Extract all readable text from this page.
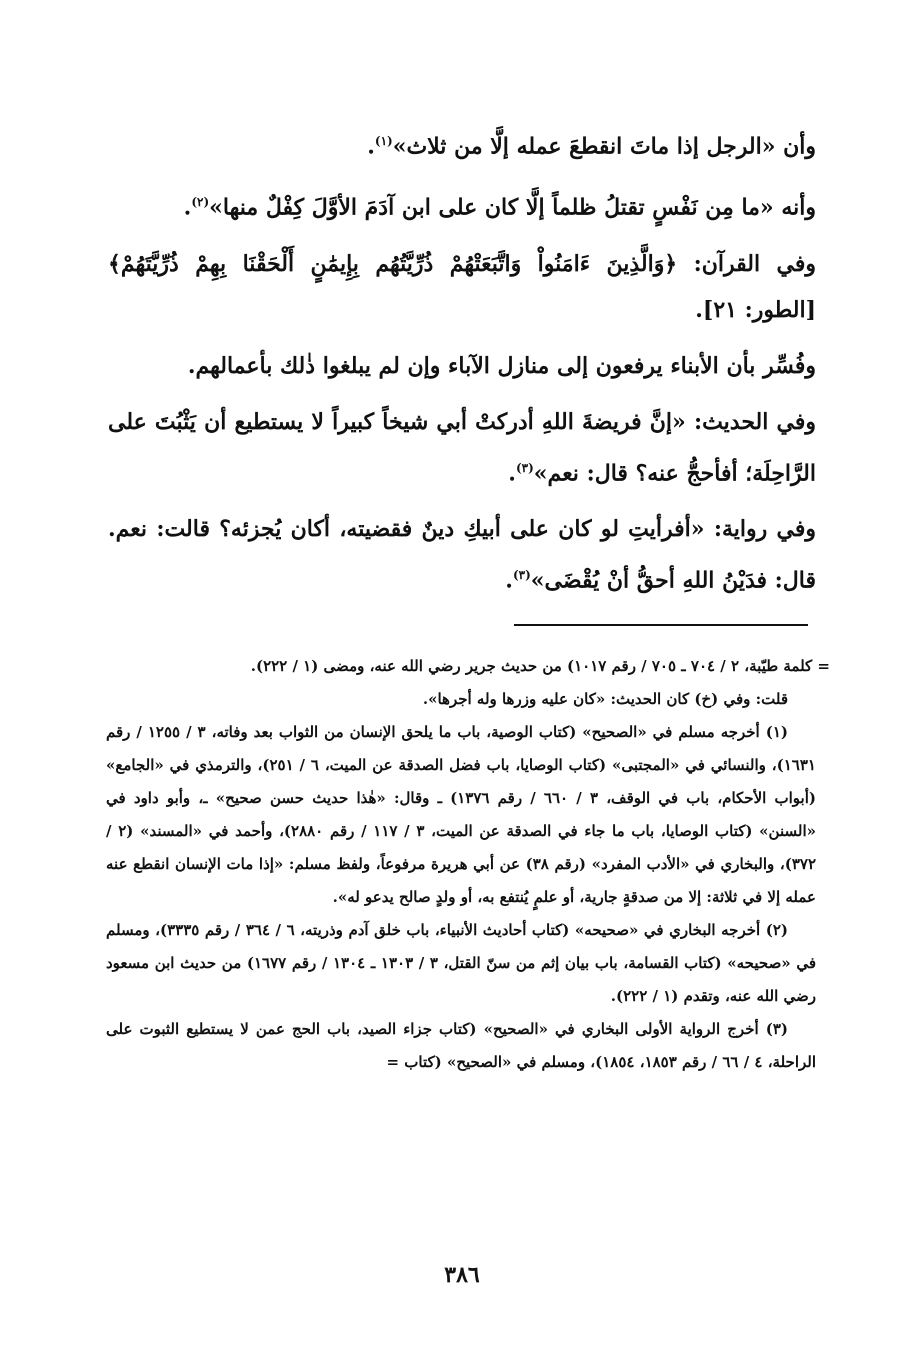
وأن «الرجل إذا ماتَ انقطعَ عمله إلَّا من ثلاث»$^{(١)}$.

وأنه «ما مِن نَفْسٍ تقتلُ ظلماً إلَّا كان على ابن آدَمَ الأوَّلَ كِفْلٌ منها»$^{(٢)}$.

وفي القرآن: ﴿وَالَّذِينَ ءَامَنُواْ وَاتَّبَعَتْهُمْ ذُرِّيَّتُهُم بِإِيمَٰنٍ أَلْحَقْنَا بِهِمْ ذُرِّيَّتَهُمْ﴾ [الطور: ٢١].

وفُسِّر بأن الأبناء يرفعون إلى منازل الآباء وإن لم يبلغوا ذٰلك بأعمالهم.

وفي الحديث: «إنَّ فريضةَ اللهِ أدركتْ أبي شيخاً كبيراً لا يستطيع أن يَثْبُتَ على الرَّاحِلَة؛ أفأحجُّ عنه؟ قال: نعم»$^{(٣)}$.

وفي رواية: «أفرأيتِ لو كان على أبيكِ دينٌ فقضيته، أكان يُجزئه؟ قالت: نعم. قال: فدَيْنُ اللهِ أحقُّ أنْ يُقْضَى»$^{(٣)}$.

= كلمة طيّبة، ٢ / ٧٠٤ ـ ٧٠٥ / رقم ١٠١٧) من حديث جرير رضي الله عنه، ومضى (١ / ٢٢٢).

قلت: وفي (خ) كان الحديث: «كان عليه وزرها وله أجرها».

(١) أخرجه مسلم في «الصحيح» (كتاب الوصية، باب ما يلحق الإنسان من الثواب بعد وفاته، ٣ / ١٢٥٥ / رقم ١٦٣١)، والنسائي في «المجتبى» (كتاب الوصايا، باب فضل الصدقة عن الميت، ٦ / ٢٥١)، والترمذي في «الجامع» (أبواب الأحكام، باب في الوقف، ٣ / ٦٦٠ / رقم ١٣٧٦) ـ وقال: «هٰذا حديث حسن صحيح» ـ، وأبو داود في «السنن» (كتاب الوصايا، باب ما جاء في الصدقة عن الميت، ٣ / ١١٧ / رقم ٢٨٨٠)، وأحمد في «المسند» (٢ / ٣٧٢)، والبخاري في «الأدب المفرد» (رقم ٣٨) عن أبي هريرة مرفوعاً، ولفظ مسلم: «إذا مات الإنسان انقطع عنه عمله إلا في ثلاثة: إلا من صدقةٍ جارية، أو علمٍ يُنتفع به، أو ولدٍ صالح يدعو له».

(٢) أخرجه البخاري في «صحيحه» (كتاب أحاديث الأنبياء، باب خلق آدم وذريته، ٦ / ٣٦٤ / رقم ٣٣٣٥)، ومسلم في «صحيحه» (كتاب القسامة، باب بيان إثم من سنّ القتل، ٣ / ١٣٠٣ ـ ١٣٠٤ / رقم ١٦٧٧) من حديث ابن مسعود رضي الله عنه، وتقدم (١ / ٢٢٢).

(٣) أخرج الرواية الأولى البخاري في «الصحيح» (كتاب جزاء الصيد، باب الحج عمن لا يستطيع الثبوت على الراحلة، ٤ / ٦٦ / رقم ١٨٥٣، ١٨٥٤)، ومسلم في «الصحيح» (كتاب =

٣٨٦
